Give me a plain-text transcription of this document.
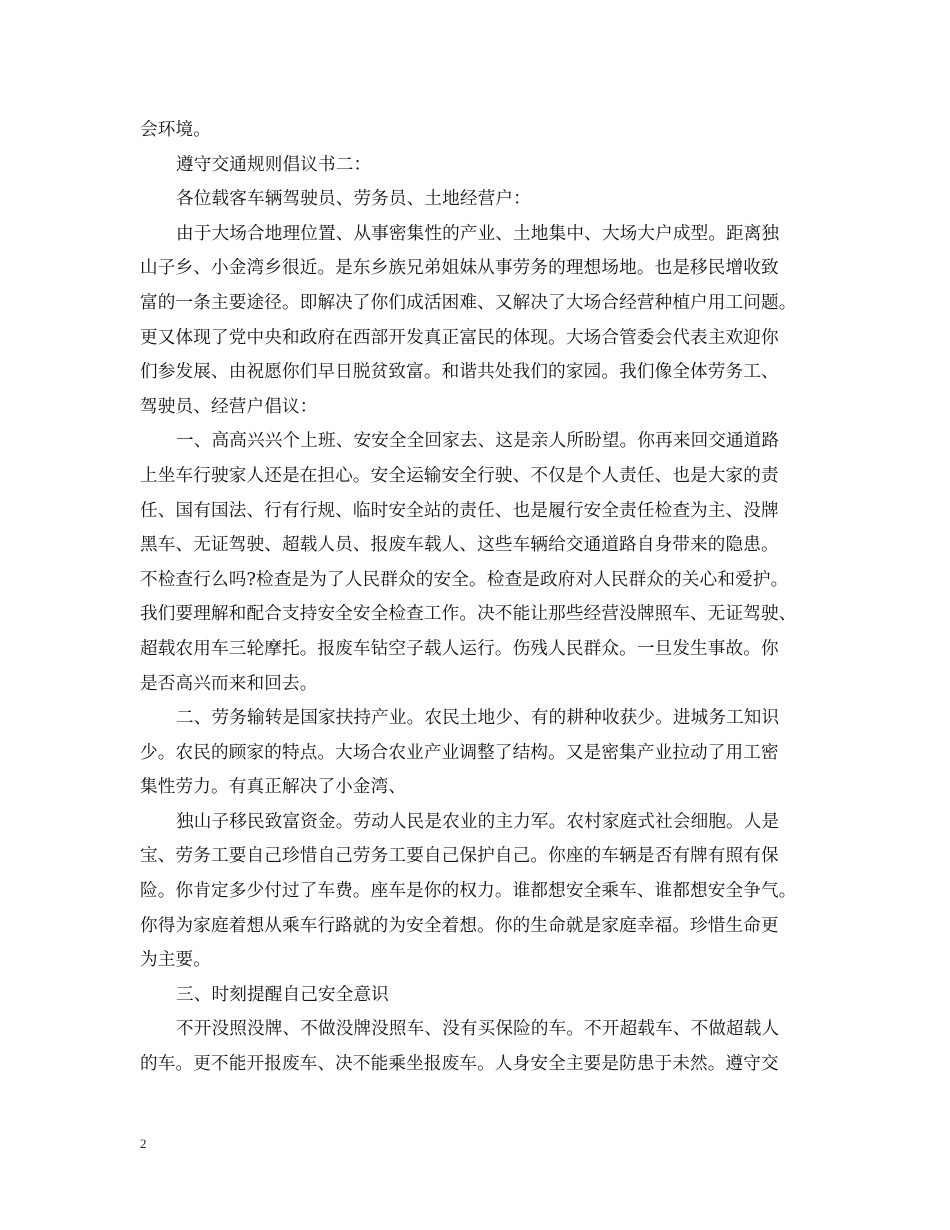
会环境。
遵守交通规则倡议书二：
各位载客车辆驾驶员、劳务员、土地经营户：
由于大场合地理位置、从事密集性的产业、土地集中、大场大户成型。距离独
山子乡、小金湾乡很近。是东乡族兄弟姐妹从事劳务的理想场地。也是移民增收致
富的一条主要途径。即解决了你们成活困难、又解决了大场合经营种植户用工问题。
更又体现了党中央和政府在西部开发真正富民的体现。大场合管委会代表主欢迎你
们参发展、由祝愿你们早日脱贫致富。和谐共处我们的家园。我们像全体劳务工、
驾驶员、经营户倡议：
一、高高兴兴个上班、安安全全回家去、这是亲人所盼望。你再来回交通道路
上坐车行驶家人还是在担心。安全运输安全行驶、不仅是个人责任、也是大家的责
任、国有国法、行有行规、临时安全站的责任、也是履行安全责任检查为主、没牌
黑车、无证驾驶、超载人员、报废车载人、这些车辆给交通道路自身带来的隐患。
不检查行么吗?检查是为了人民群众的安全。检查是政府对人民群众的关心和爱护。
我们要理解和配合支持安全安全检查工作。决不能让那些经营没牌照车、无证驾驶、
超载农用车三轮摩托。报废车钻空子载人运行。伤残人民群众。一旦发生事故。你
是否高兴而来和回去。
二、劳务输转是国家扶持产业。农民土地少、有的耕种收获少。进城务工知识
少。农民的顾家的特点。大场合农业产业调整了结构。又是密集产业拉动了用工密
集性劳力。有真正解决了小金湾、
独山子移民致富资金。劳动人民是农业的主力军。农村家庭式社会细胞。人是
宝、劳务工要自己珍惜自己劳务工要自己保护自己。你座的车辆是否有牌有照有保
险。你肯定多少付过了车费。座车是你的权力。谁都想安全乘车、谁都想安全争气。
你得为家庭着想从乘车行路就的为安全着想。你的生命就是家庭幸福。珍惜生命更
为主要。
三、时刻提醒自己安全意识
不开没照没牌、不做没牌没照车、没有买保险的车。不开超载车、不做超载人
的车。更不能开报废车、决不能乘坐报废车。人身安全主要是防患于未然。遵守交
2
